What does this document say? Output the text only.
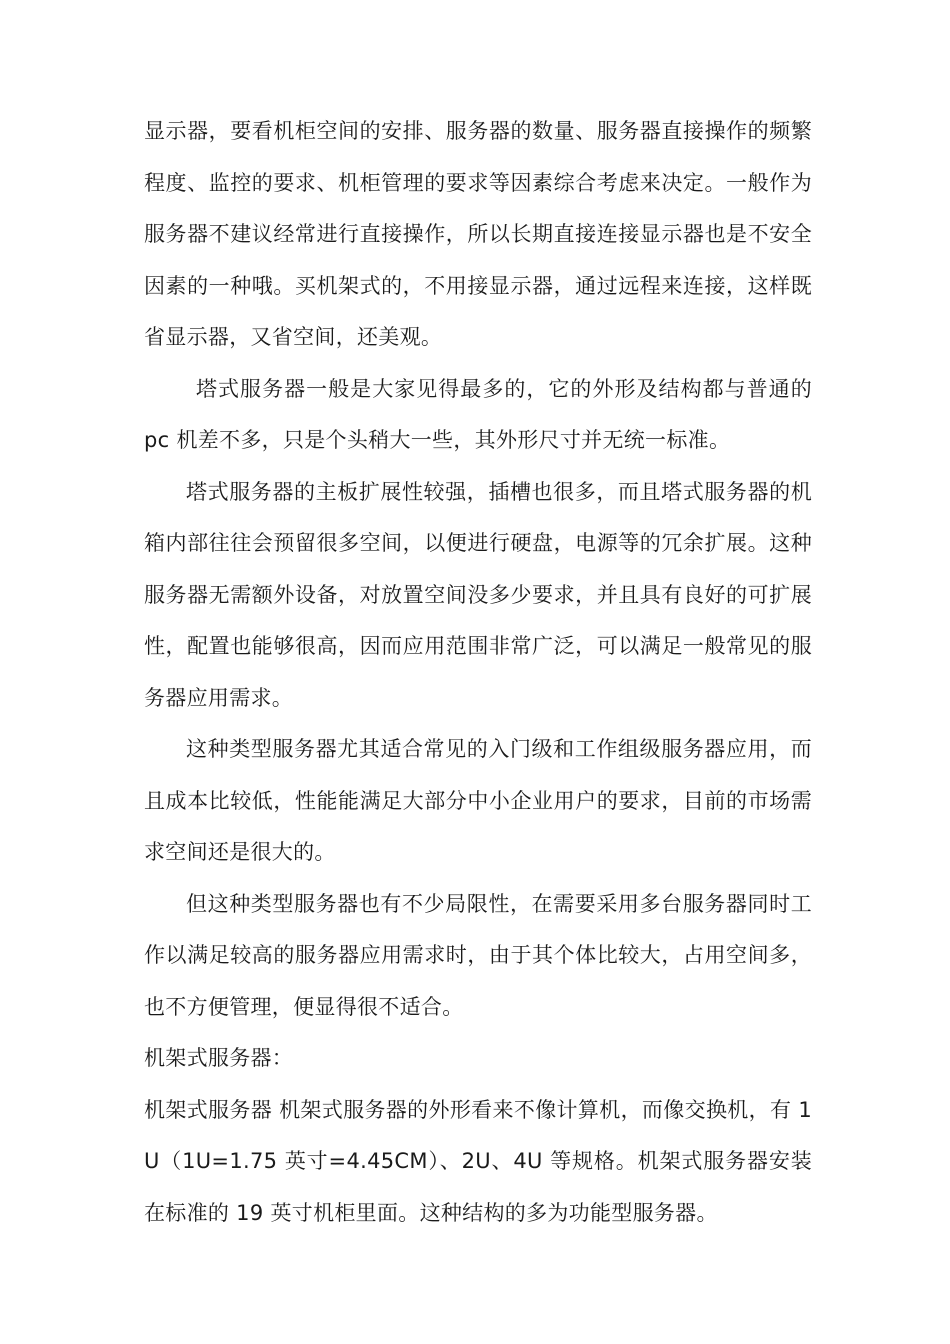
显示器，要看机柜空间的安排、服务器的数量、服务器直接操作的频繁程度、监控的要求、机柜管理的要求等因素综合考虑来决定。一般作为服务器不建议经常进行直接操作，所以长期直接连接显示器也是不安全因素的一种哦。买机架式的，不用接显示器，通过远程来连接，这样既省显示器，又省空间，还美观。

塔式服务器一般是大家见得最多的，它的外形及结构都与普通的 pc 机差不多，只是个头稍大一些，其外形尺寸并无统一标准。

塔式服务器的主板扩展性较强，插槽也很多，而且塔式服务器的机箱内部往往会预留很多空间，以便进行硬盘，电源等的冗余扩展。这种服务器无需额外设备，对放置空间没多少要求，并且具有良好的可扩展性，配置也能够很高，因而应用范围非常广泛，可以满足一般常见的服务器应用需求。

这种类型服务器尤其适合常见的入门级和工作组级服务器应用，而且成本比较低，性能能满足大部分中小企业用户的要求，目前的市场需求空间还是很大的。

但这种类型服务器也有不少局限性，在需要采用多台服务器同时工作以满足较高的服务器应用需求时，由于其个体比较大，占用空间多，也不方便管理，便显得很不适合。

机架式服务器：

机架式服务器 机架式服务器的外形看来不像计算机，而像交换机，有 1U（1U=1.75 英寸=4.45CM）、2U、4U 等规格。机架式服务器安装在标准的 19 英寸机柜里面。这种结构的多为功能型服务器。
